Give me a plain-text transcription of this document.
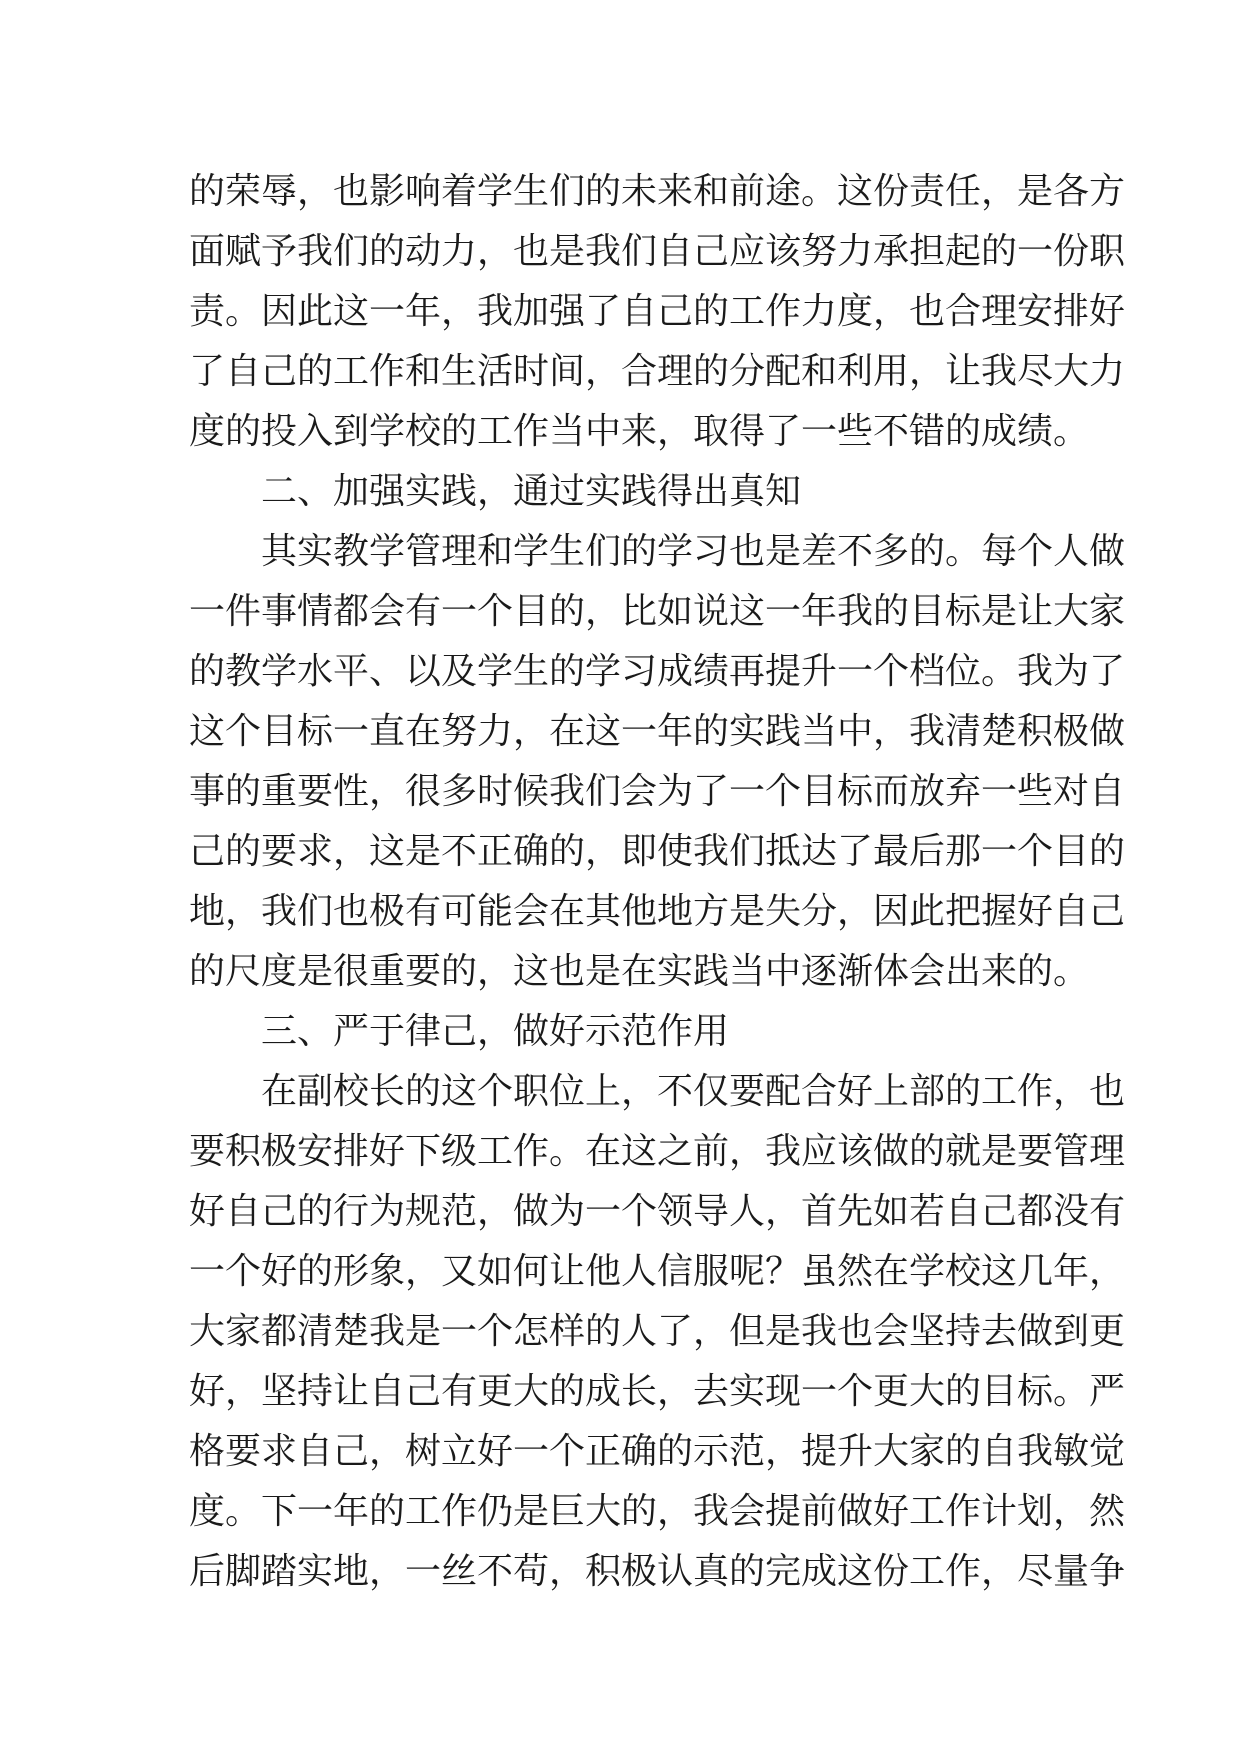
的荣辱，也影响着学生们的未来和前途。这份责任，是各方
面赋予我们的动力，也是我们自己应该努力承担起的一份职
责。因此这一年，我加强了自己的工作力度，也合理安排好
了自己的工作和生活时间，合理的分配和利用，让我尽大力
度的投入到学校的工作当中来，取得了一些不错的成绩。
二、加强实践，通过实践得出真知
其实教学管理和学生们的学习也是差不多的。每个人做
一件事情都会有一个目的，比如说这一年我的目标是让大家
的教学水平、以及学生的学习成绩再提升一个档位。我为了
这个目标一直在努力，在这一年的实践当中，我清楚积极做
事的重要性，很多时候我们会为了一个目标而放弃一些对自
己的要求，这是不正确的，即使我们抵达了最后那一个目的
地，我们也极有可能会在其他地方是失分，因此把握好自己
的尺度是很重要的，这也是在实践当中逐渐体会出来的。
三、严于律己，做好示范作用
在副校长的这个职位上，不仅要配合好上部的工作，也
要积极安排好下级工作。在这之前，我应该做的就是要管理
好自己的行为规范，做为一个领导人，首先如若自己都没有
一个好的形象，又如何让他人信服呢？虽然在学校这几年，
大家都清楚我是一个怎样的人了，但是我也会坚持去做到更
好，坚持让自己有更大的成长，去实现一个更大的目标。严
格要求自己，树立好一个正确的示范，提升大家的自我敏觉
度。下一年的工作仍是巨大的，我会提前做好工作计划，然
后脚踏实地，一丝不苟，积极认真的完成这份工作，尽量争
